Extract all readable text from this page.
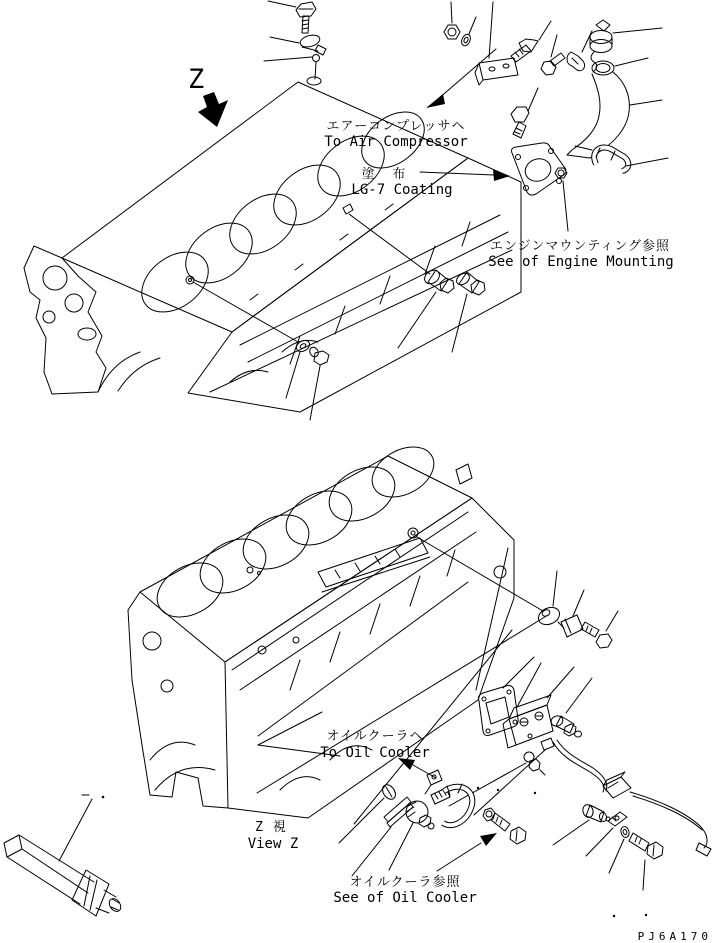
Z
エアーコンプレッサヘ
To Air Compressor
塗 布
LG-7 Coating
エンジンマウンティング参照
See of Engine Mounting
オイルクーラヘ
To Oil Cooler
Z 視
View Z
オイルクーラ参照
See of Oil Cooler
PJ6A170
